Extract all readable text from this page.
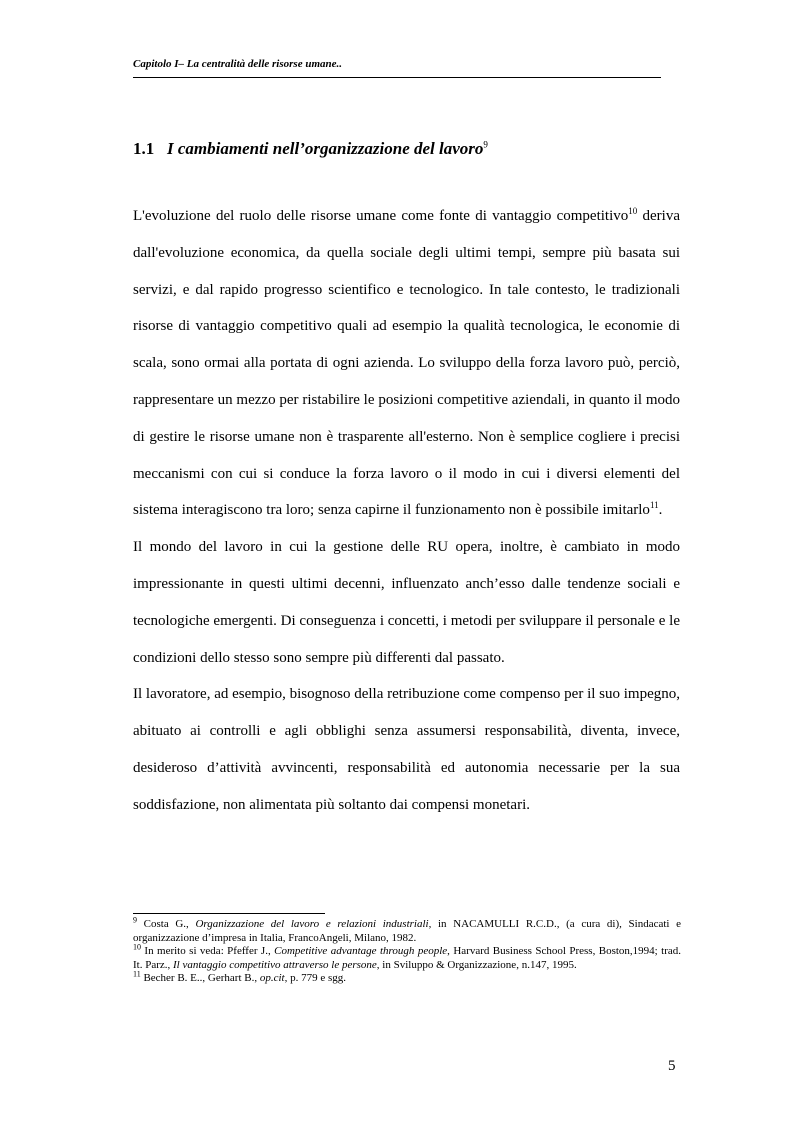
Capitolo I– La centralità delle risorse umane..
1.1 I cambiamenti nell’organizzazione del lavoro$^9$

L'evoluzione del ruolo delle risorse umane come fonte di vantaggio competitivo$^{10}$ deriva dall'evoluzione economica, da quella sociale degli ultimi tempi, sempre più basata sui servizi, e dal rapido progresso scientifico e tecnologico. In tale contesto, le tradizionali risorse di vantaggio competitivo quali ad esempio la qualità tecnologica, le economie di scala, sono ormai alla portata di ogni azienda. Lo sviluppo della forza lavoro può, perciò, rappresentare un mezzo per ristabilire le posizioni competitive aziendali, in quanto il modo di gestire le risorse umane non è trasparente all'esterno. Non è semplice cogliere i precisi meccanismi con cui si conduce la forza lavoro o il modo in cui i diversi elementi del sistema interagiscono tra loro; senza capirne il funzionamento non è possibile imitarlo$^{11}$.

Il mondo del lavoro in cui la gestione delle RU opera, inoltre, è cambiato in modo impressionante in questi ultimi decenni, influenzato anch’esso dalle tendenze sociali e tecnologiche emergenti. Di conseguenza i concetti, i metodi per sviluppare il personale e le condizioni dello stesso sono sempre più differenti dal passato.

Il lavoratore, ad esempio, bisognoso della retribuzione come compenso per il suo impegno, abituato ai controlli e agli obblighi senza assumersi responsabilità, diventa, invece, desideroso d’attività avvincenti, responsabilità ed autonomia necessarie per la sua soddisfazione, non alimentata più soltanto dai compensi monetari.

$^9$ Costa G., Organizzazione del lavoro e relazioni industriali, in NACAMULLI R.C.D., (a cura di), Sindacati e organizzazione d’impresa in Italia, FrancoAngeli, Milano, 1982.

$^{10}$ In merito si veda: Pfeffer J., Competitive advantage through people, Harvard Business School Press, Boston,1994; trad. It. Parz., Il vantaggio competitivo attraverso le persone, in Sviluppo & Organizzazione, n.147, 1995.

$^{11}$ Becher B. E.., Gerhart B., op.cit, p. 779 e sgg.

5
